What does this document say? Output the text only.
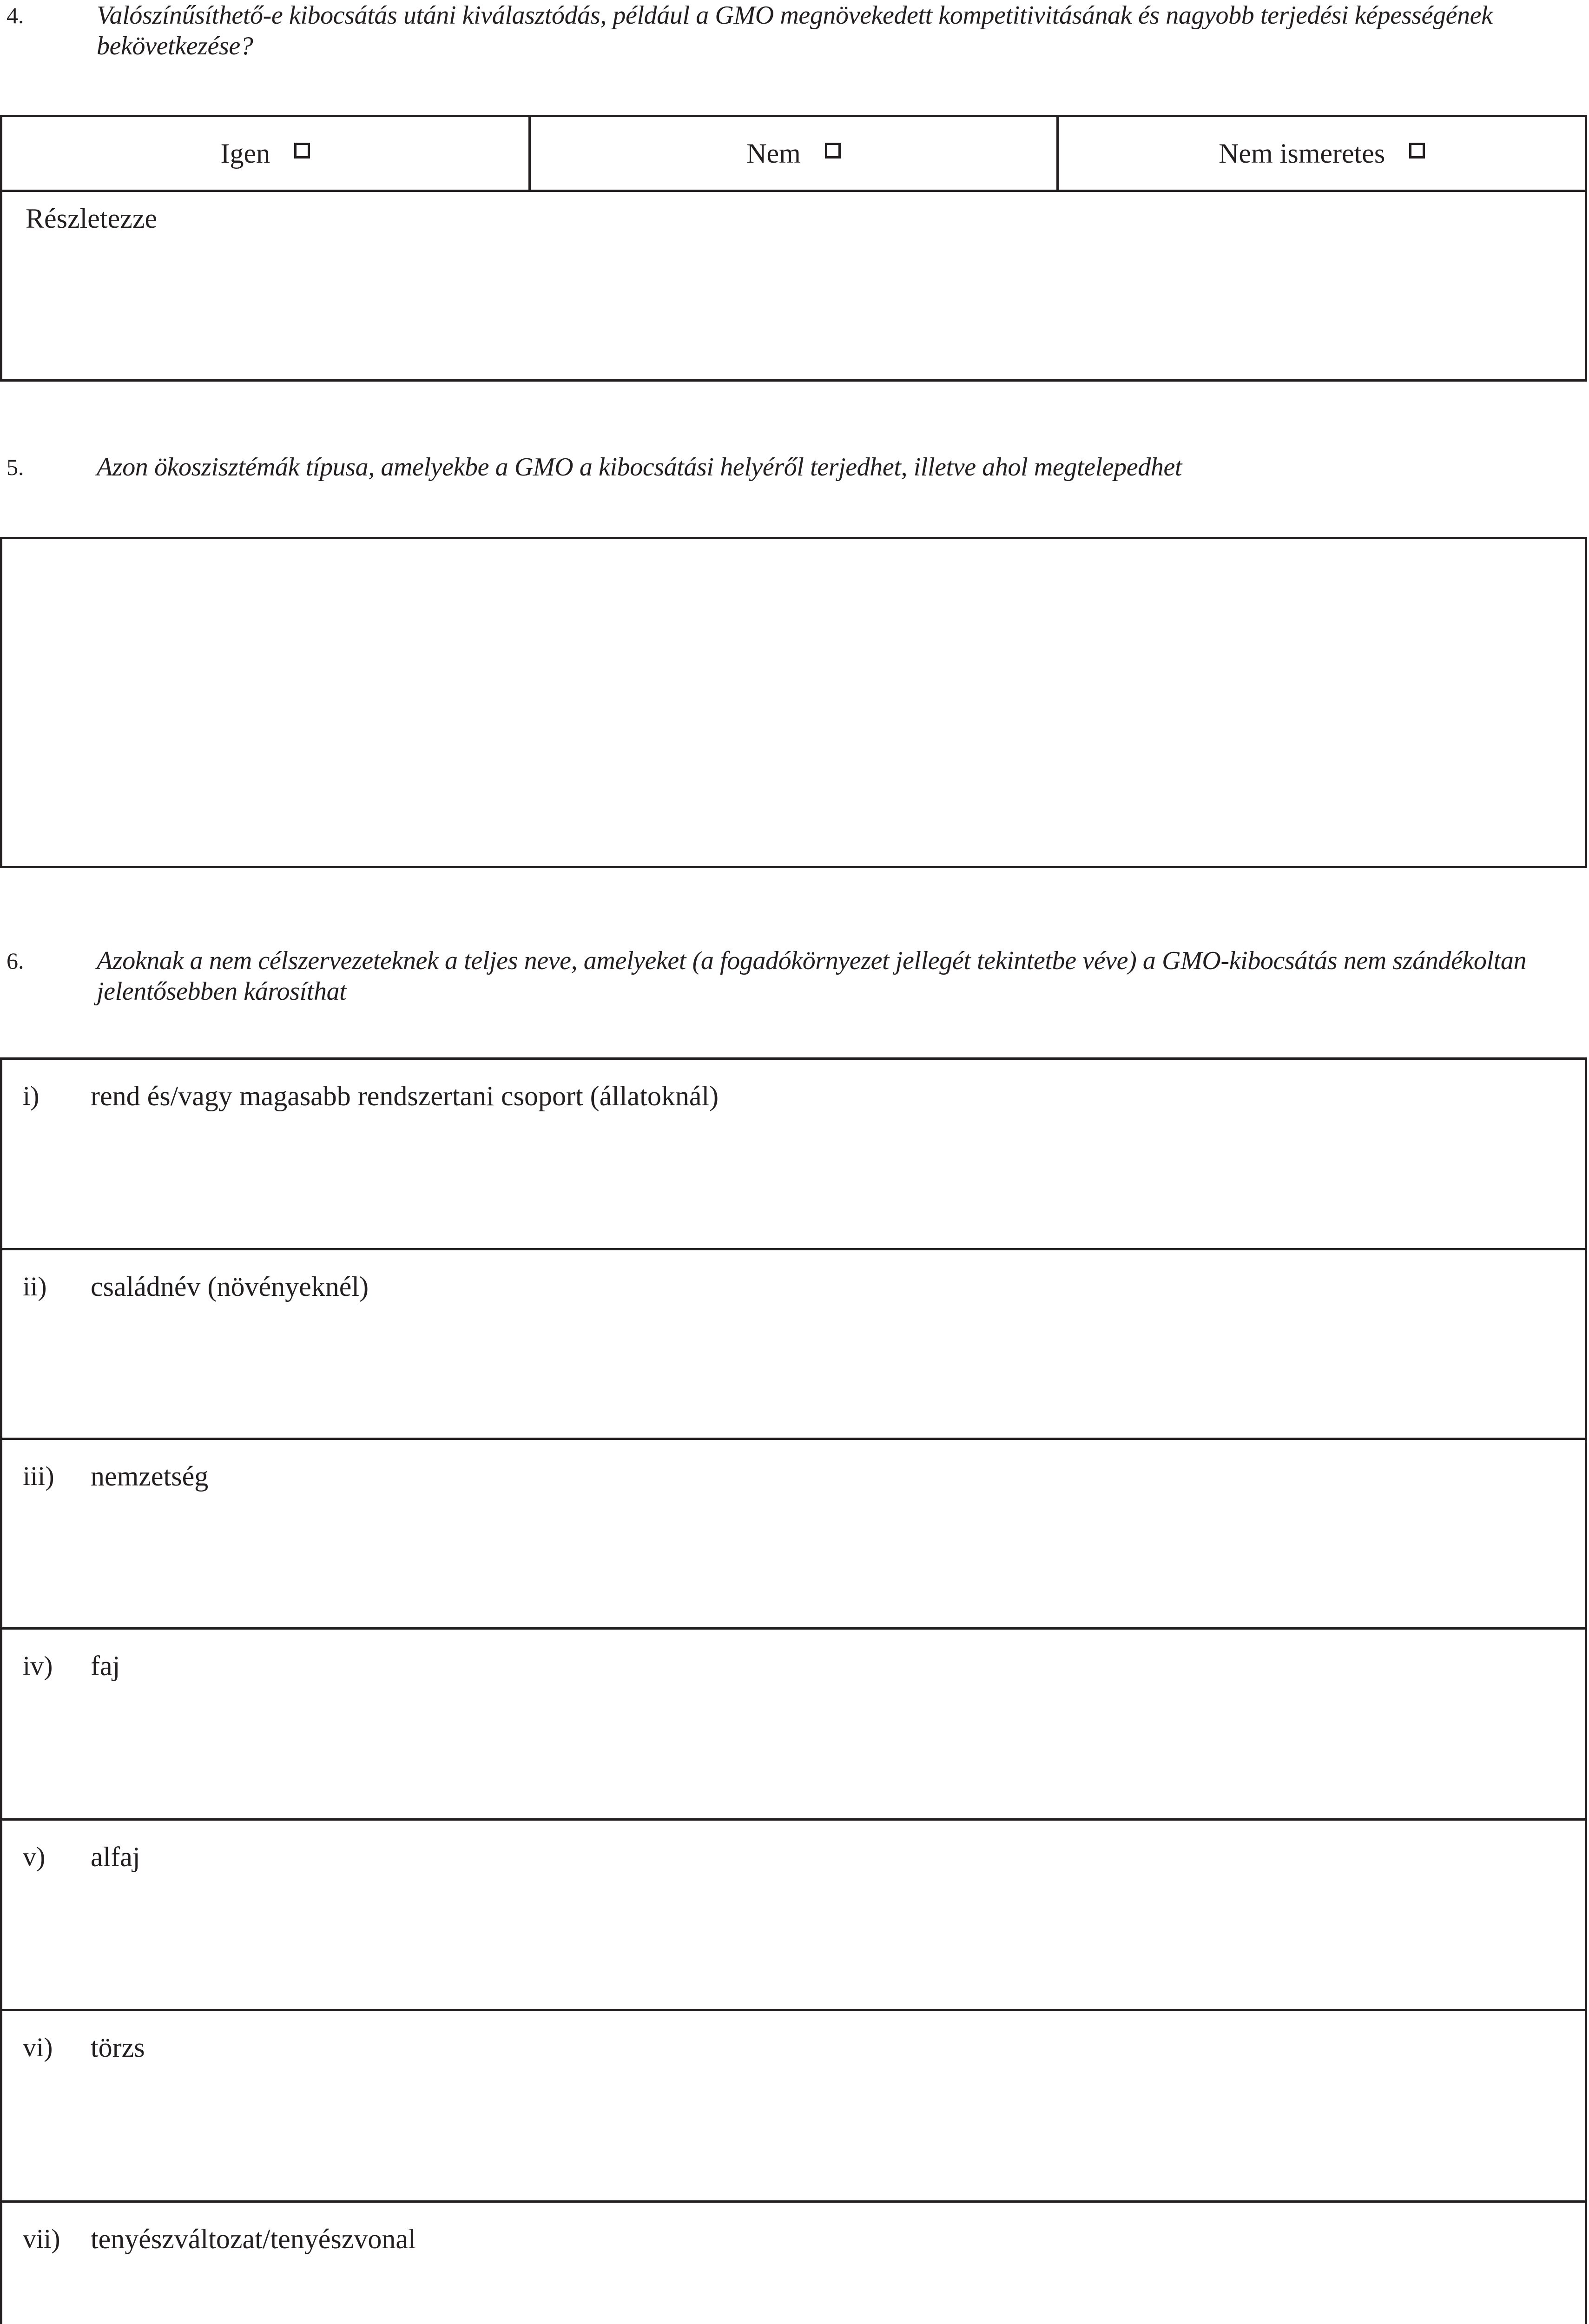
4.	Valószínűsíthető-e kibocsátás utáni kiválasztódás, például a GMO megnövekedett kompetitivitásának és nagyobb terjedési képességének bekövetkezése?
Igen	Nem	Nem ismeretes
Részletezze
5.	Azon ökoszisztémák típusa, amelyekbe a GMO a kibocsátási helyéről terjedhet, illetve ahol megtelepedhet
6.	Azoknak a nem célszervezeteknek a teljes neve, amelyeket (a fogadókörnyezet jellegét tekintetbe véve) a GMO-kibocsátás nem szándékoltan jelentősebben károsíthat
i) rend és/vagy magasabb rendszertani csoport (állatoknál)
ii) családnév (növényeknél)
iii) nemzetség
iv) faj
v) alfaj
vi) törzs
vii) tenyészváltozat/tenyészvonal
